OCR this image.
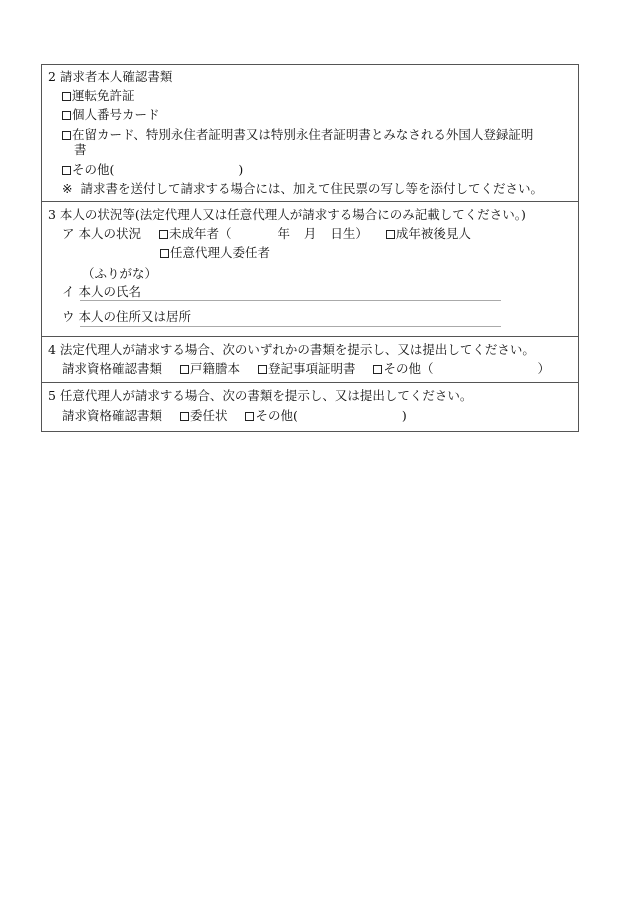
2 請求者本人確認書類
運転免許証
個人番号カード
在留カード、特別永住者証明書又は特別永住者証明書とみなされる外国人登録証明
書
その他(	)
※ 請求書を送付して請求する場合には、加えて住民票の写し等を添付してください。
3 本人の状況等(法定代理人又は任意代理人が請求する場合にのみ記載してください。)
ア 本人の状況 未成年者（	年 月 日生） 成年被後見人
任意代理人委任者
（ふりがな）
イ 本人の氏名
ウ 本人の住所又は居所
4 法定代理人が請求する場合、次のいずれかの書類を提示し、又は提出してください。
請求資格確認書類 戸籍謄本 登記事項証明書 その他（	）
5 任意代理人が請求する場合、次の書類を提示し、又は提出してください。
請求資格確認書類 委任状 その他(	)
